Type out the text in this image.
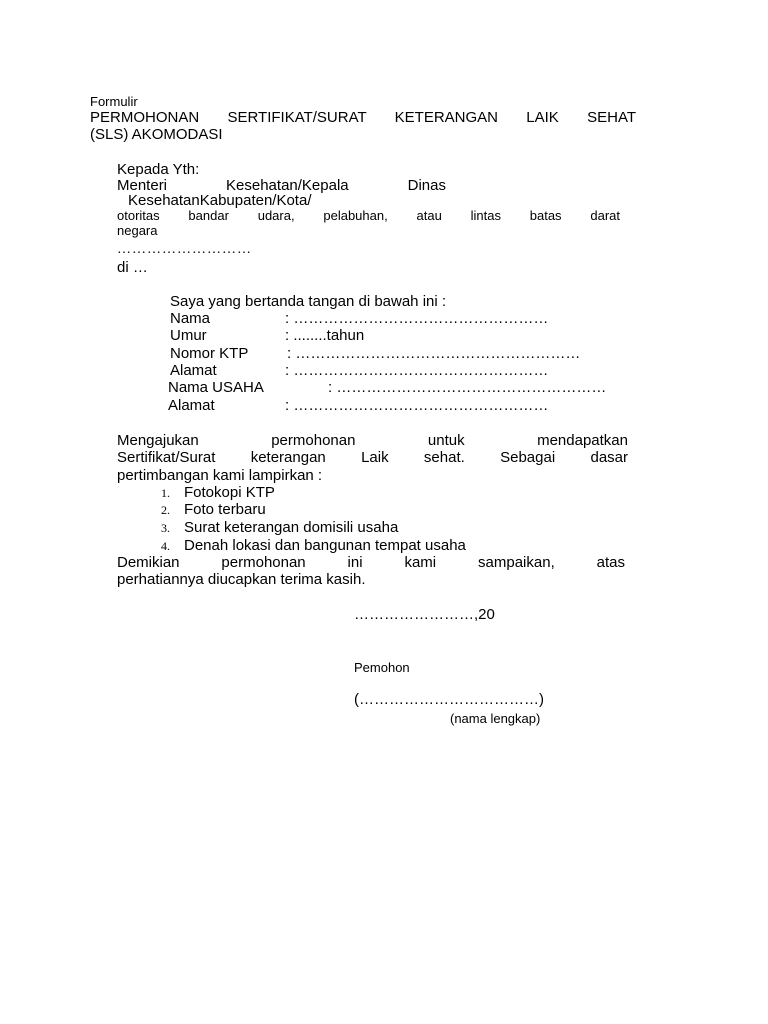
Formulir
PERMOHONAN SERTIFIKAT/SURAT KETERANGAN LAIK SEHAT
(SLS) AKOMODASI
Kepada Yth:
Menteri Kesehatan/Kepala Dinas
KesehatanKabupaten/Kota/
otoritas bandar udara, pelabuhan, atau lintas batas darat
negara
………………………
di …
Saya yang bertanda tangan di bawah ini :
Nama	: ……………………………………………
Umur	: ........tahun
Nomor KTP	: …………………………………………………
Alamat	: ……………………………………………
Nama USAHA	: ………………………………………………
Alamat	: ……………………………………………
Mengajukan permohonan untuk mendapatkan
Sertifikat/Surat keterangan Laik sehat. Sebagai dasar
pertimbangan kami lampirkan :
1. Fotokopi KTP
2. Foto terbaru
3. Surat keterangan domisili usaha
4. Denah lokasi dan bangunan tempat usaha
Demikian permohonan ini kami sampaikan, atas
perhatiannya diucapkan terima kasih.
……………………,20
Pemohon
(………………………………)
(nama lengkap)
